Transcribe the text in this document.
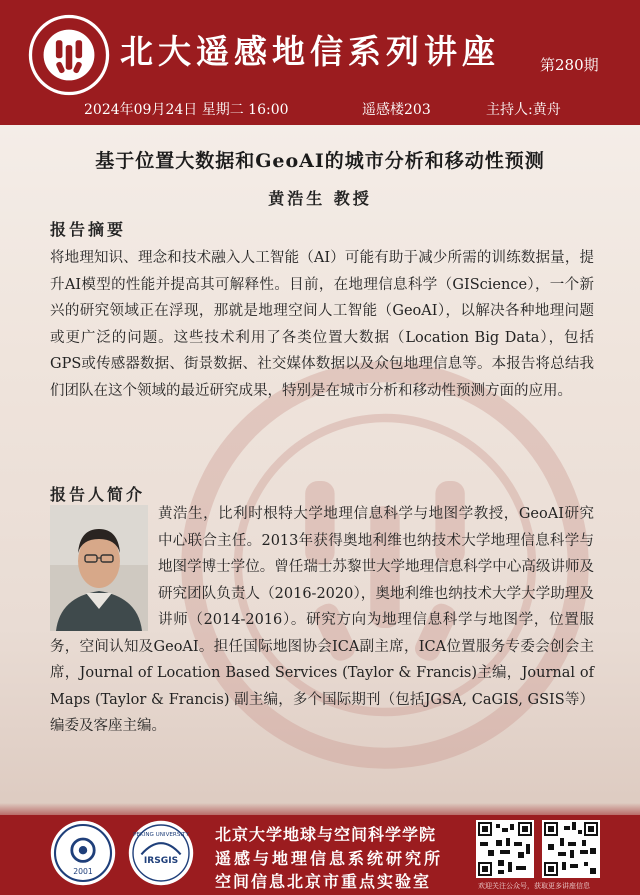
北大遥感地信系列讲座	第280期
2024年09月24日 星期二 16:00	遥感楼203	主持人:黄舟
基于位置大数据和GeoAI的城市分析和移动性预测
黄浩生 教授
报告摘要
将地理知识、理念和技术融入人工智能（AI）可能有助于减少所需的训练数据量，提升AI模型的性能并提高其可解释性。目前，在地理信息科学（GIScience），一个新兴的研究领域正在浮现，那就是地理空间人工智能（GeoAI），以解决各种地理问题或更广泛的问题。这些技术利用了各类位置大数据（Location Big Data），包括GPS或传感器数据、街景数据、社交媒体数据以及众包地理信息等。本报告将总结我们团队在这个领域的最近研究成果，特别是在城市分析和移动性预测方面的应用。
报告人简介
黄浩生，比利时根特大学地理信息科学与地图学教授，GeoAI研究中心联合主任。2013年获得奥地利维也纳技术大学地理信息科学与地图学博士学位。曾任瑞士苏黎世大学地理信息科学中心高级讲师及研究团队负责人（2016-2020），奥地利维也纳技术大学大学助理及讲师（2014-2016）。研究方向为地理信息科学与地图学，位置服务，空间认知及GeoAI。担任国际地图协会ICA副主席，ICA位置服务专委会创会主席，Journal of Location Based Services (Taylor & Francis)主编，Journal of Maps (Taylor & Francis) 副主编，多个国际期刊（包括JGSA, CaGIS, GSIS等）编委及客座主编。
2001
PEKING UNIVERSITY
IRSGIS
北京大学地球与空间科学学院
遥感与地理信息系统研究所
空间信息北京市重点实验室	欢迎关注公众号，获取更多讲座信息
